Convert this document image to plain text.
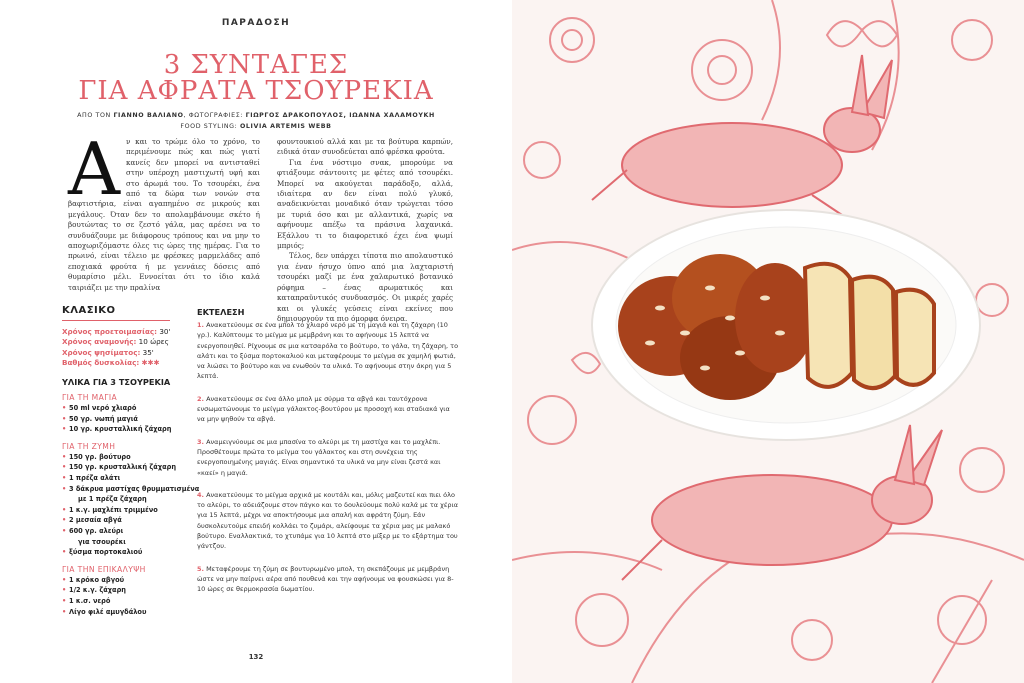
ΠΑΡΑΔΟΣΗ
3 ΣΥΝΤΑΓΕΣ
ΓΙΑ ΑΦΡΑΤΑ ΤΣΟΥΡΕΚΙΑ
ΑΠΟ ΤΟΝ ΓΙΑΝΝΟ ΒΑΛΙΑΝΟ, ΦΩΤΟΓΡΑΦΙΕΣ: ΓΙΩΡΓΟΣ ΔΡΑΚΟΠΟΥΛΟΣ, ΙΩΑΝΝΑ ΧΑΛΑΜΟΥΚΗ
FOOD STYLING: OLIVIA ARTEMIS WEBB
Αν και το τρώμε όλο το χρόνο, το περιμένουμε πώς και πώς γιατί κανείς δεν μπορεί να αντισταθεί στην υπέροχη μαστιχωτή υφή και στο άρωμά του. Το τσουρέκι, ένα από τα δώρα των νονών στα βαφτιστήρια, είναι αγαπημένο σε μικρούς και μεγάλους. Όταν δεν το απολαμβάνουμε σκέτο ή βουτώντας το σε ζεστό γάλα, μας αρέσει να το συνδυάζουμε με διάφορους τρόπους και να μην το αποχωριζόμαστε όλες τις ώρες της ημέρας. Για το πρωινό, είναι τέλειο με φρέσκες μαρμελάδες από εποχιακά φρούτα ή με γεννάιες δόσεις από θυμαρίσιο μέλι. Εννοείται ότι το ίδιο καλά ταιριάζει με την πραλίνα

φουντουκιού αλλά και με τα βούτυρα καρπών, ειδικά όταν συνοδεύεται από φρέσκα φρούτα.

Για ένα νόστιμο σνακ, μπορούμε να φτιάξουμε σάντουιτς με φέτες από τσουρέκι. Μπορεί να ακούγεται παράδοξο, αλλά, ιδιαίτερα αν δεν είναι πολύ γλυκό, αναδεικνύεται μοναδικό όταν τρώγεται τόσο με τυριά όσο και με αλλαντικά, χωρίς να αφήνουμε απέξω τα πράσινα λαχανικά. Εξάλλου τι το διαφορετικό έχει ένα ψωμί μπριός;

Τέλος, δεν υπάρχει τίποτα πιο απολαυστικό για έναν ήσυχο ύπνο από μια λαχταριστή τσουρέκι μαζί με ένα χαλαρωτικό βοτανικό ρόφημα – ένας αρωματικός και καταπραϋντικός συνδυασμός. Οι μικρές χαρές και οι γλυκές γεύσεις είναι εκείνες που δημιουργούν τα πιο όμορφα όνειρα.

ΚΛΑΣΙΚΟ
Χρόνος προετοιμασίας: 30'
Χρόνος αναμονής: 10 ώρες
Χρόνος ψησίματος: 35'
Βαθμός δυσκολίας: ✱✱✱
ΥΛΙΚΑ ΓΙΑ 3 ΤΣΟΥΡΕΚΙΑ
ΓΙΑ ΤΗ ΜΑΓΙΑ
• 50 ml νερό χλιαρό
• 50 γρ. νωπή μαγιά
• 10 γρ. κρυσταλλική ζάχαρη
ΓΙΑ ΤΗ ΖΥΜΗ
• 150 γρ. βούτυρο
• 150 γρ. κρυσταλλική ζάχαρη
• 1 πρέζα αλάτι
• 3 δάκρυα μαστίχας θρυμματισμένα
με 1 πρέζα ζάχαρη
• 1 κ.γ. μαχλέπι τριμμένο
• 2 μεσαία αβγά
• 600 γρ. αλεύρι
για τσουρέκι
• ξύσμα πορτοκαλιού
ΓΙΑ ΤΗΝ ΕΠΙΚΑΛΥΨΗ
• 1 κρόκο αβγού
• 1/2 κ.γ. ζάχαρη
• 1 κ.σ. νερό
• Λίγο φιλέ αμυγδάλου
ΕΚΤΕΛΕΣΗ

1. Ανακατεύουμε σε ένα μπολ το χλιαρό νερό με τη μαγιά και τη ζάχαρη (10 γρ.). Καλύπτουμε το μείγμα με μεμβράνη και το αφήνουμε 15 λεπτά να ενεργοποιηθεί. Ρίχνουμε σε μια κατσαρόλα το βούτυρο, το γάλα, τη ζάχαρη, το αλάτι και το ξύσμα πορτοκαλιού και μεταφέρουμε το μείγμα σε χαμηλή φωτιά, να λιώσει το βούτυρο και να ενωθούν τα υλικά. Το αφήνουμε στην άκρη για 5 λεπτά.

2. Ανακατεύουμε σε ένα άλλο μπολ με σύρμα τα αβγά και ταυτόχρονα ενσωματώνουμε το μείγμα γάλακτος-βουτύρου με προσοχή και σταδιακά για να μην ψηθούν τα αβγά.

3. Αναμειγνύουμε σε μια μπασίνα το αλεύρι με τη μαστίχα και το μαχλέπι. Προσθέτουμε πρώτα το μείγμα του γάλακτος και στη συνέχεια της ενεργοποιημένης μαγιάς. Είναι σημαντικό τα υλικά να μην είναι ζεστά και «καεί» η μαγιά.

4. Ανακατεύουμε το μείγμα αρχικά με κουτάλι και, μόλις μαζευτεί και πιει όλο το αλεύρι, το αδειάζουμε στον πάγκο και το δουλεύουμε πολύ καλά με τα χέρια για 15 λεπτά, μέχρι να αποκτήσουμε μια απαλή και αφράτη ζύμη. Εάν δυσκολευτούμε επειδή κολλάει το ζυμάρι, αλείφουμε τα χέρια μας με μαλακό βούτυρο. Εναλλακτικά, το χτυπάμε για 10 λεπτά στο μίξερ με το εξάρτημα του γάντζου.

5. Μεταφέρουμε τη ζύμη σε βουτυρωμένο μπολ, τη σκεπάζουμε με μεμβράνη ώστε να μην παίρνει αέρα από πουθενά και την αφήνουμε να φουσκώσει για 8-10 ώρες σε θερμοκρασία δωματίου.

132
